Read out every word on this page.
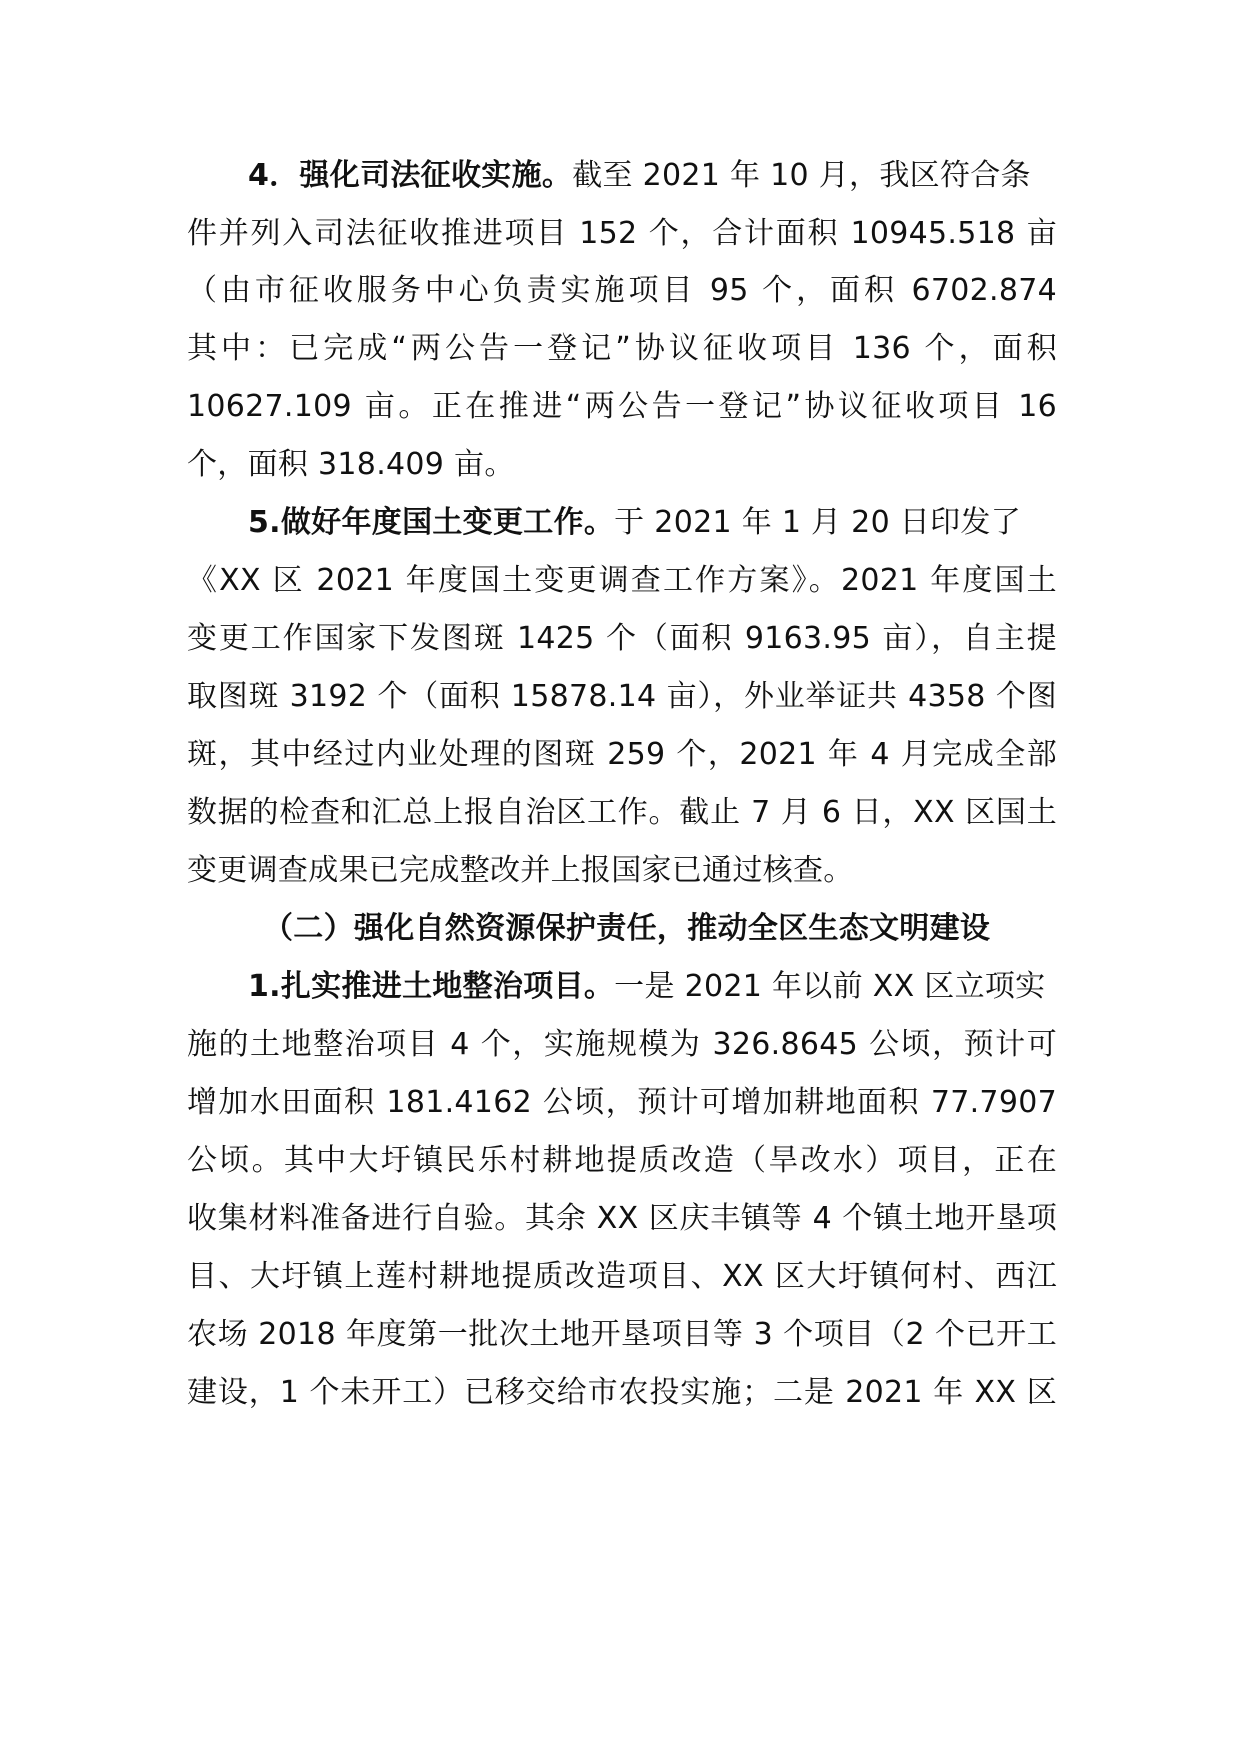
4．强化司法征收实施。截至 2021 年 10 月，我区符合条
件并列入司法征收推进项目 152 个，合计面积 10945.518 亩
（由市征收服务中心负责实施项目 95 个，面积 6702.874
其中：已完成“两公告一登记”协议征收项目 136 个，面积
10627.109 亩。正在推进“两公告一登记”协议征收项目 16
个，面积 318.409 亩。
5.做好年度国土变更工作。于 2021 年 1 月 20 日印发了
《XX 区 2021 年度国土变更调查工作方案》。2021 年度国土
变更工作国家下发图斑 1425 个（面积 9163.95 亩），自主提
取图斑 3192 个（面积 15878.14 亩），外业举证共 4358 个图
斑，其中经过内业处理的图斑 259 个，2021 年 4 月完成全部
数据的检查和汇总上报自治区工作。截止 7 月 6 日，XX 区国土
变更调查成果已完成整改并上报国家已通过核查。
（二）强化自然资源保护责任，推动全区生态文明建设
1.扎实推进土地整治项目。一是 2021 年以前 XX 区立项实
施的土地整治项目 4 个，实施规模为 326.8645 公顷，预计可
增加水田面积 181.4162 公顷，预计可增加耕地面积 77.7907
公顷。其中大圩镇民乐村耕地提质改造（旱改水）项目，正在
收集材料准备进行自验。其余 XX 区庆丰镇等 4 个镇土地开垦项
目、大圩镇上莲村耕地提质改造项目、XX 区大圩镇何村、西江
农场 2018 年度第一批次土地开垦项目等 3 个项目（2 个已开工
建设，1 个未开工）已移交给市农投实施；二是 2021 年 XX 区
